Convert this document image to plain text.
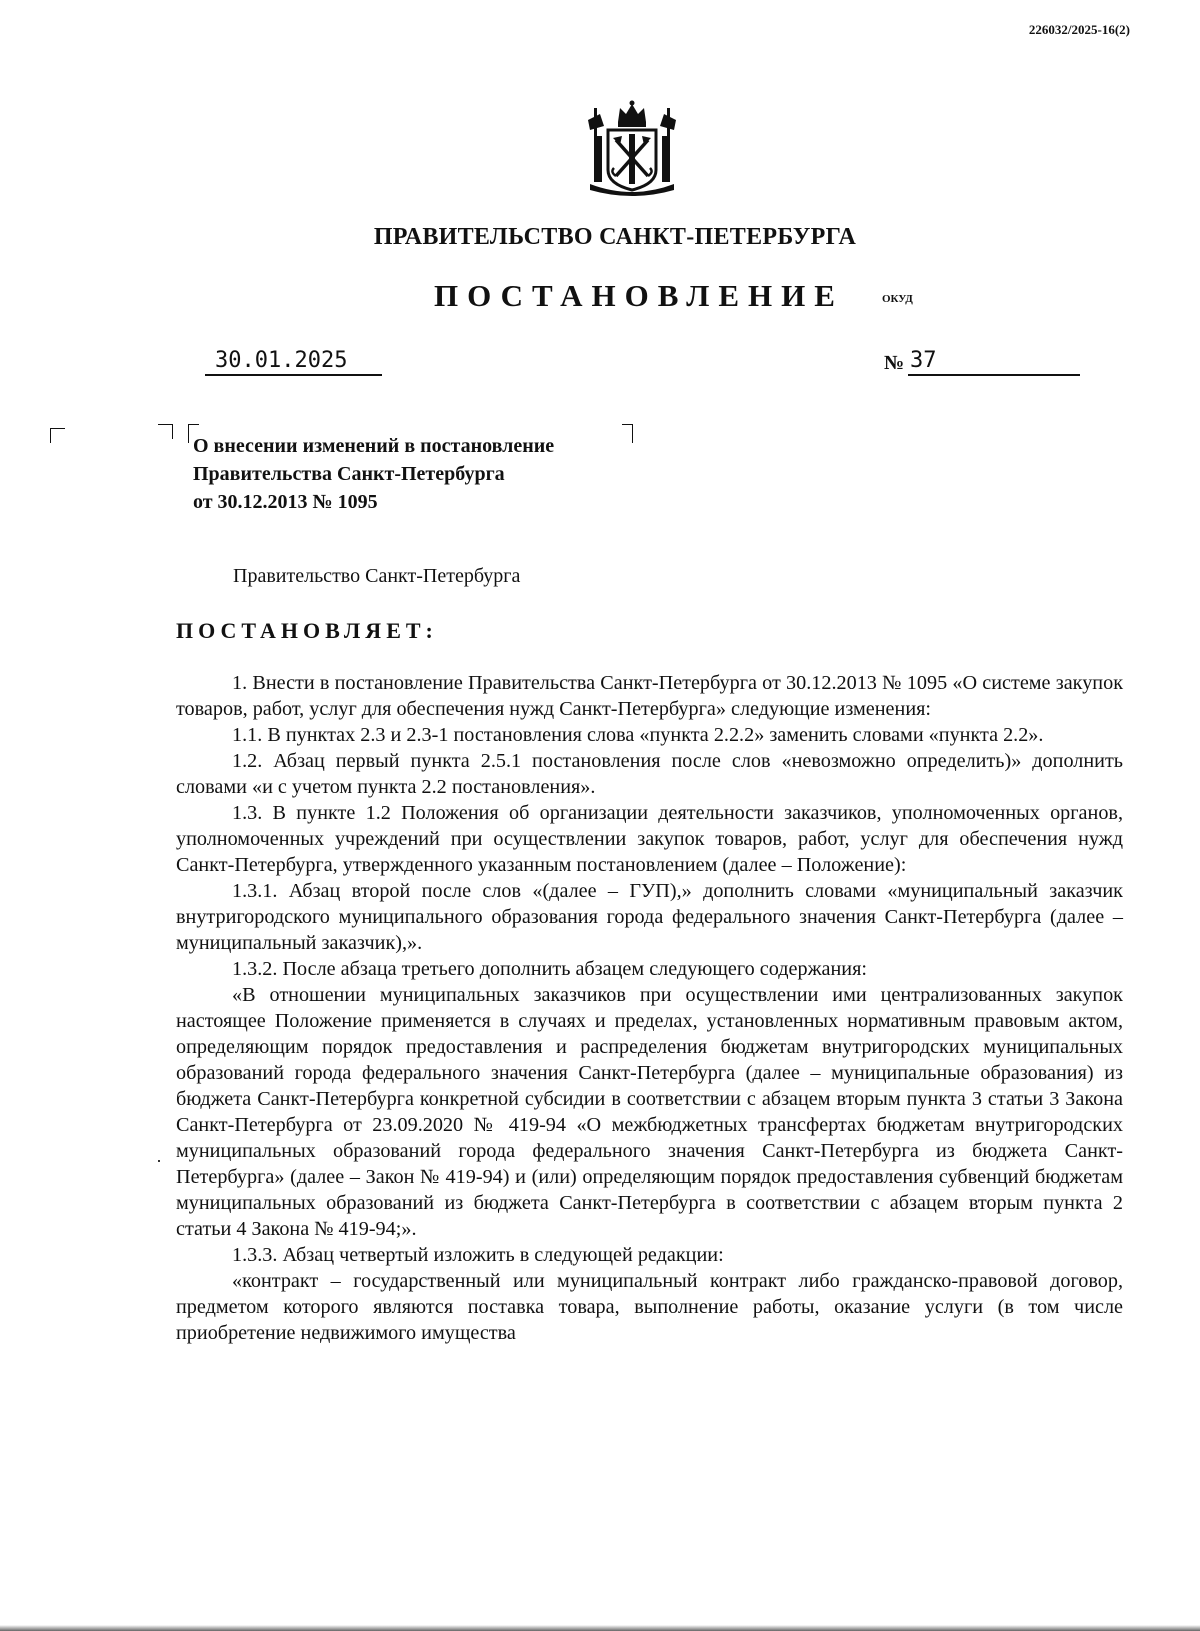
226032/2025-16(2)
ПРАВИТЕЛЬСТВО САНКТ-ПЕТЕРБУРГА
ПОСТАНОВЛЕНИЕ	ОКУД
30.01.2025	№ 37
О внесении изменений в постановление
Правительства Санкт-Петербурга
от 30.12.2013 № 1095
Правительство Санкт-Петербурга
ПОСТАНОВЛЯЕТ:

1. Внести в постановление Правительства Санкт-Петербурга от 30.12.2013 № 1095 «О системе закупок товаров, работ, услуг для обеспечения нужд Санкт-Петербурга» следующие изменения:

1.1. В пунктах 2.3 и 2.3-1 постановления слова «пункта 2.2.2» заменить словами «пункта 2.2».

1.2. Абзац первый пункта 2.5.1 постановления после слов «невозможно определить)» дополнить словами «и с учетом пункта 2.2 постановления».

1.3. В пункте 1.2 Положения об организации деятельности заказчиков, уполномоченных органов, уполномоченных учреждений при осуществлении закупок товаров, работ, услуг для обеспечения нужд Санкт-Петербурга, утвержденного указанным постановлением (далее – Положение):

1.3.1. Абзац второй после слов «(далее – ГУП),» дополнить словами «муниципальный заказчик внутригородского муниципального образования города федерального значения Санкт-Петербурга (далее – муниципальный заказчик),».

1.3.2. После абзаца третьего дополнить абзацем следующего содержания:

«В отношении муниципальных заказчиков при осуществлении ими централизованных закупок настоящее Положение применяется в случаях и пределах, установленных нормативным правовым актом, определяющим порядок предоставления и распределения бюджетам внутригородских муниципальных образований города федерального значения Санкт-Петербурга (далее – муниципальные образования) из бюджета Санкт-Петербурга конкретной субсидии в соответствии с абзацем вторым пункта 3 статьи 3 Закона Санкт-Петербурга от 23.09.2020 № 419-94 «О межбюджетных трансфертах бюджетам внутригородских муниципальных образований города федерального значения Санкт-Петербурга из бюджета Санкт-Петербурга» (далее – Закон № 419-94) и (или) определяющим порядок предоставления субвенций бюджетам муниципальных образований из бюджета Санкт-Петербурга в соответствии с абзацем вторым пункта 2 статьи 4 Закона № 419-94;».

1.3.3. Абзац четвертый изложить в следующей редакции:

«контракт – государственный или муниципальный контракт либо гражданско-правовой договор, предметом которого являются поставка товара, выполнение работы, оказание услуги (в том числе приобретение недвижимого имущества
